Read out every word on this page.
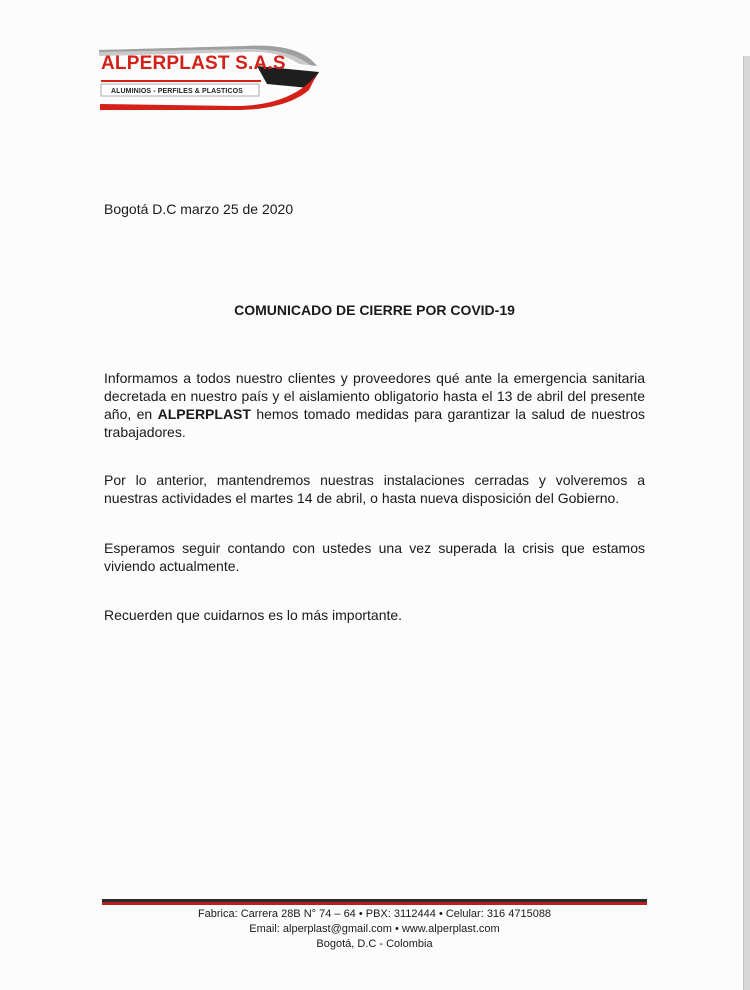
ALPERPLAST S.A.S
ALUMINIOS - PERFILES & PLASTICOS
Bogotá D.C marzo 25 de 2020
COMUNICADO DE CIERRE POR COVID-19

Informamos a todos nuestro clientes y proveedores qué ante la emergencia sanitaria decretada en nuestro país y el aislamiento obligatorio hasta el 13 de abril del presente año, en ALPERPLAST hemos tomado medidas para garantizar la salud de nuestros trabajadores.

Por lo anterior, mantendremos nuestras instalaciones cerradas y volveremos a nuestras actividades el martes 14 de abril, o hasta nueva disposición del Gobierno.

Esperamos seguir contando con ustedes una vez superada la crisis que estamos viviendo actualmente.

Recuerden que cuidarnos es lo más importante.

Fabrica: Carrera 28B N° 74 – 64 • PBX: 3112444 • Celular: 316 4715088
Email: alperplast@gmail.com • www.alperplast.com
Bogotá, D.C - Colombia
